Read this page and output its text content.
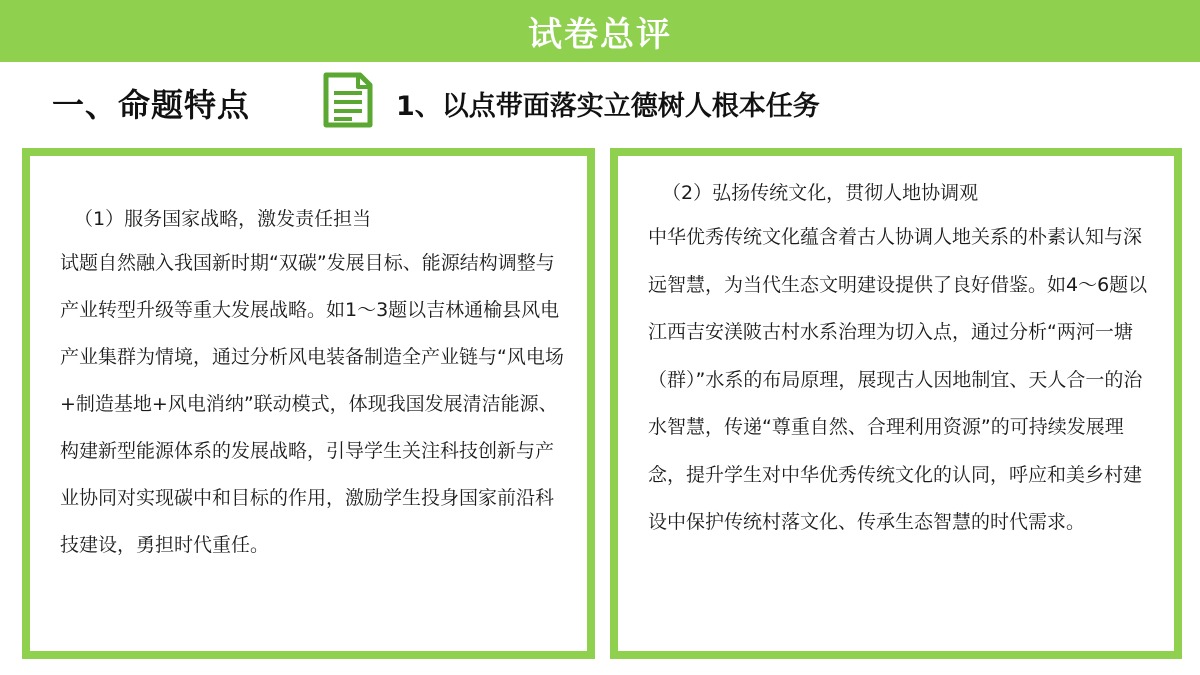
试卷总评
一、命题特点	1、以点带面落实立德树人根本任务

（1）服务国家战略，激发责任担当

试题自然融入我国新时期“双碳”发展目标、能源结构调整与产业转型升级等重大发展战略。如1～3题以吉林通榆县风电产业集群为情境，通过分析风电装备制造全产业链与“风电场+制造基地+风电消纳”联动模式，体现我国发展清洁能源、构建新型能源体系的发展战略，引导学生关注科技创新与产业协同对实现碳中和目标的作用，激励学生投身国家前沿科技建设，勇担时代重任。

（2）弘扬传统文化，贯彻人地协调观

中华优秀传统文化蕴含着古人协调人地关系的朴素认知与深远智慧，为当代生态文明建设提供了良好借鉴。如4～6题以江西吉安渼陂古村水系治理为切入点，通过分析“两河一塘（群）”水系的布局原理，展现古人因地制宜、天人合一的治水智慧，传递“尊重自然、合理利用资源”的可持续发展理念，提升学生对中华优秀传统文化的认同，呼应和美乡村建设中保护传统村落文化、传承生态智慧的时代需求。
